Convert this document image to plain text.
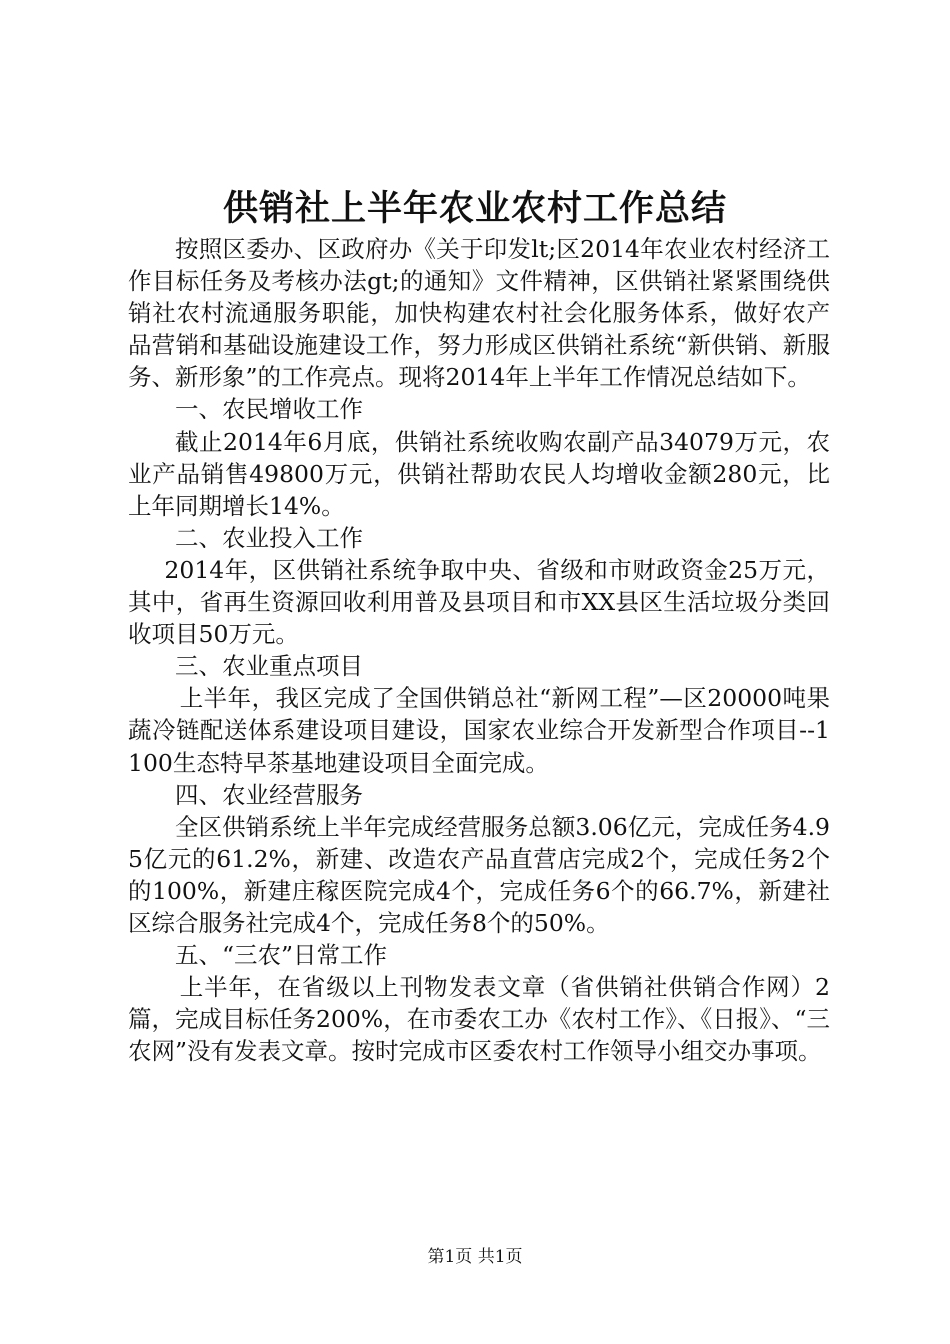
供销社上半年农业农村工作总结

按照区委办、区政府办《关于印发lt;区2014年农业农村经济工作目标任务及考核办法gt;的通知》文件精神，区供销社紧紧围绕供销社农村流通服务职能，加快构建农村社会化服务体系，做好农产品营销和基础设施建设工作，努力形成区供销社系统“新供销、新服务、新形象”的工作亮点。现将2014年上半年工作情况总结如下。

一、农民增收工作

截止2014年6月底，供销社系统收购农副产品34079万元，农业产品销售49800万元，供销社帮助农民人均增收金额280元，比上年同期增长14%。

二、农业投入工作

2014年，区供销社系统争取中央、省级和市财政资金25万元，其中，省再生资源回收利用普及县项目和市XX县区生活垃圾分类回收项目50万元。

三、农业重点项目

上半年，我区完成了全国供销总社“新网工程”—区20000吨果蔬冷链配送体系建设项目建设，国家农业综合开发新型合作项目--1100生态特早茶基地建设项目全面完成。

四、农业经营服务

全区供销系统上半年完成经营服务总额3.06亿元，完成任务4.95亿元的61.2%，新建、改造农产品直营店完成2个，完成任务2个的100%，新建庄稼医院完成4个，完成任务6个的66.7%，新建社区综合服务社完成4个，完成任务8个的50%。

五、“三农”日常工作

上半年，在省级以上刊物发表文章（省供销社供销合作网）2篇，完成目标任务200%，在市委农工办《农村工作》、《日报》、“三农网”没有发表文章。按时完成市区委农村工作领导小组交办事项。

第1页 共1页
